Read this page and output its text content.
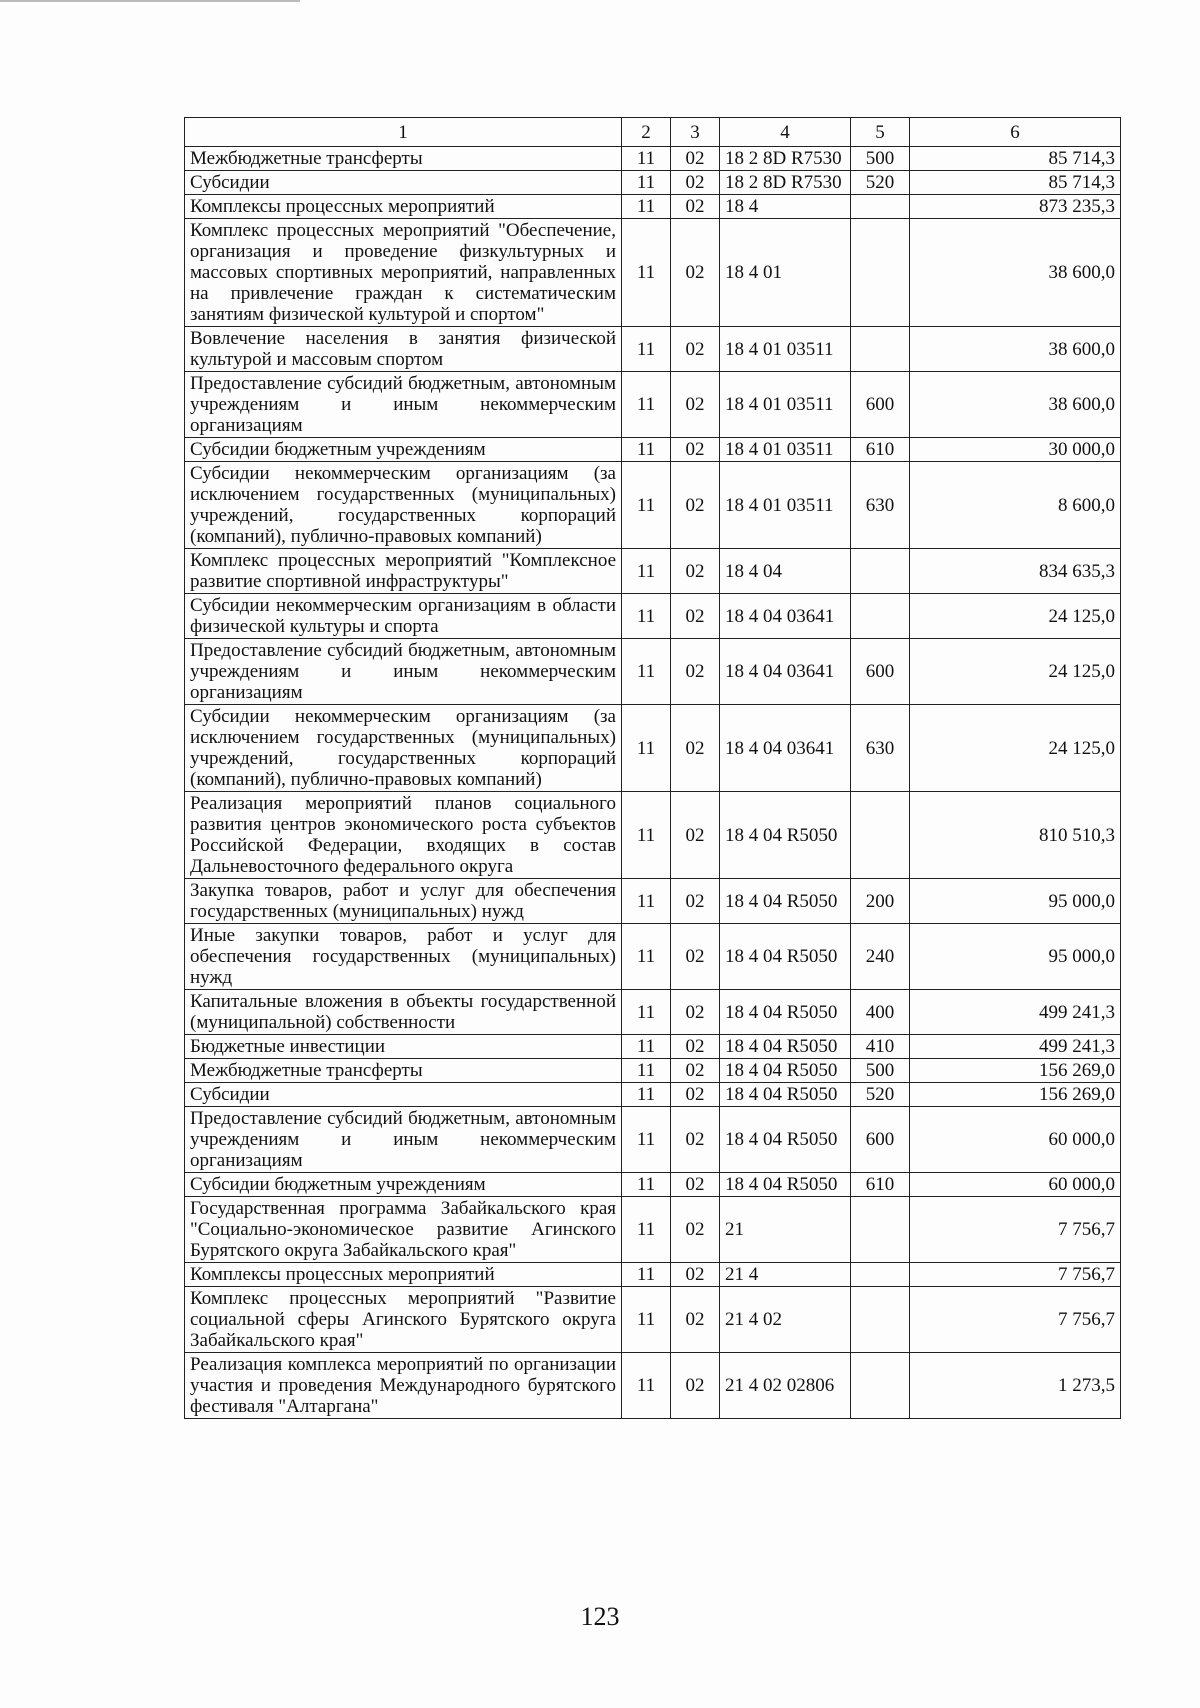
1	2	3	4	5	6
Межбюджетные трансферты	11	02	18 2 8D R7530	500	85 714,3
Субсидии	11	02	18 2 8D R7530	520	85 714,3
Комплексы процессных мероприятий	11	02	18 4		873 235,3
Комплекс процессных мероприятий "Обеспечение, организация и проведение физкультурных и массовых спортивных мероприятий, направленных на привлечение граждан к систематическим занятиям физической культурой и спортом"	11	02	18 4 01		38 600,0
Вовлечение населения в занятия физической культурой и массовым спортом	11	02	18 4 01 03511		38 600,0
Предоставление субсидий бюджетным, автономным учреждениям и иным некоммерческим организациям	11	02	18 4 01 03511	600	38 600,0
Субсидии бюджетным учреждениям	11	02	18 4 01 03511	610	30 000,0
Субсидии некоммерческим организациям (за исключением государственных (муниципальных) учреждений, государственных корпораций (компаний), публично-правовых компаний)	11	02	18 4 01 03511	630	8 600,0
Комплекс процессных мероприятий "Комплексное развитие спортивной инфраструктуры"	11	02	18 4 04		834 635,3
Субсидии некоммерческим организациям в области физической культуры и спорта	11	02	18 4 04 03641		24 125,0
Предоставление субсидий бюджетным, автономным учреждениям и иным некоммерческим организациям	11	02	18 4 04 03641	600	24 125,0
Субсидии некоммерческим организациям (за исключением государственных (муниципальных) учреждений, государственных корпораций (компаний), публично-правовых компаний)	11	02	18 4 04 03641	630	24 125,0
Реализация мероприятий планов социального развития центров экономического роста субъектов Российской Федерации, входящих в состав Дальневосточного федерального округа	11	02	18 4 04 R5050		810 510,3
Закупка товаров, работ и услуг для обеспечения государственных (муниципальных) нужд	11	02	18 4 04 R5050	200	95 000,0
Иные закупки товаров, работ и услуг для обеспечения государственных (муниципальных) нужд	11	02	18 4 04 R5050	240	95 000,0
Капитальные вложения в объекты государственной (муниципальной) собственности	11	02	18 4 04 R5050	400	499 241,3
Бюджетные инвестиции	11	02	18 4 04 R5050	410	499 241,3
Межбюджетные трансферты	11	02	18 4 04 R5050	500	156 269,0
Субсидии	11	02	18 4 04 R5050	520	156 269,0
Предоставление субсидий бюджетным, автономным учреждениям и иным некоммерческим организациям	11	02	18 4 04 R5050	600	60 000,0
Субсидии бюджетным учреждениям	11	02	18 4 04 R5050	610	60 000,0
Государственная программа Забайкальского края "Социально-экономическое развитие Агинского Бурятского округа Забайкальского края"	11	02	21		7 756,7
Комплексы процессных мероприятий	11	02	21 4		7 756,7
Комплекс процессных мероприятий "Развитие социальной сферы Агинского Бурятского округа Забайкальского края"	11	02	21 4 02		7 756,7
Реализация комплекса мероприятий по организации участия и проведения Международного бурятского фестиваля "Алтаргана"	11	02	21 4 02 02806		1 273,5
123
